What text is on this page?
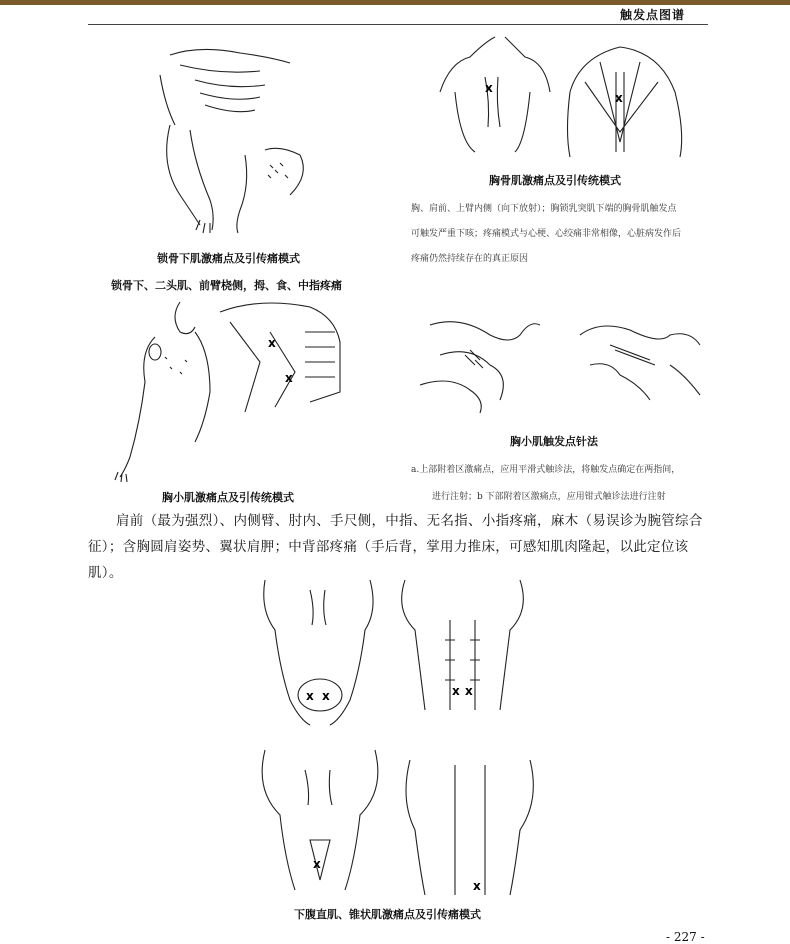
触发点图谱
锁骨下肌激痛点及引传痛模式
锁骨下、二头肌、前臂桡侧，拇、食、中指疼痛
x
x
胸骨肌激痛点及引传统模式
胸、肩前、上臂内侧（向下放射）；胸锁乳突肌下端的胸骨肌触发点
可触发严重下咳；疼痛模式与心梗、心绞痛非常相像，心脏病发作后
疼痛仍然持续存在的真正原因
x
x
胸小肌激痛点及引传统模式
胸小肌触发点针法
a.上部附着区激痛点，应用平滑式触诊法，将触发点确定在两指间，
进行注射；b 下部附着区激痛点，应用钳式触诊法进行注射
肩前（最为强烈）、内侧臂、肘内、手尺侧，中指、无名指、小指疼痛，麻木（易误诊为腕管综合
征）；含胸圆肩姿势、翼状肩胛；中背部疼痛（手后背，掌用力推床，可感知肌肉隆起，以此定位该肌）。
x x	x x
x
x
下腹直肌、锥状肌激痛点及引传痛模式
- 227 -
